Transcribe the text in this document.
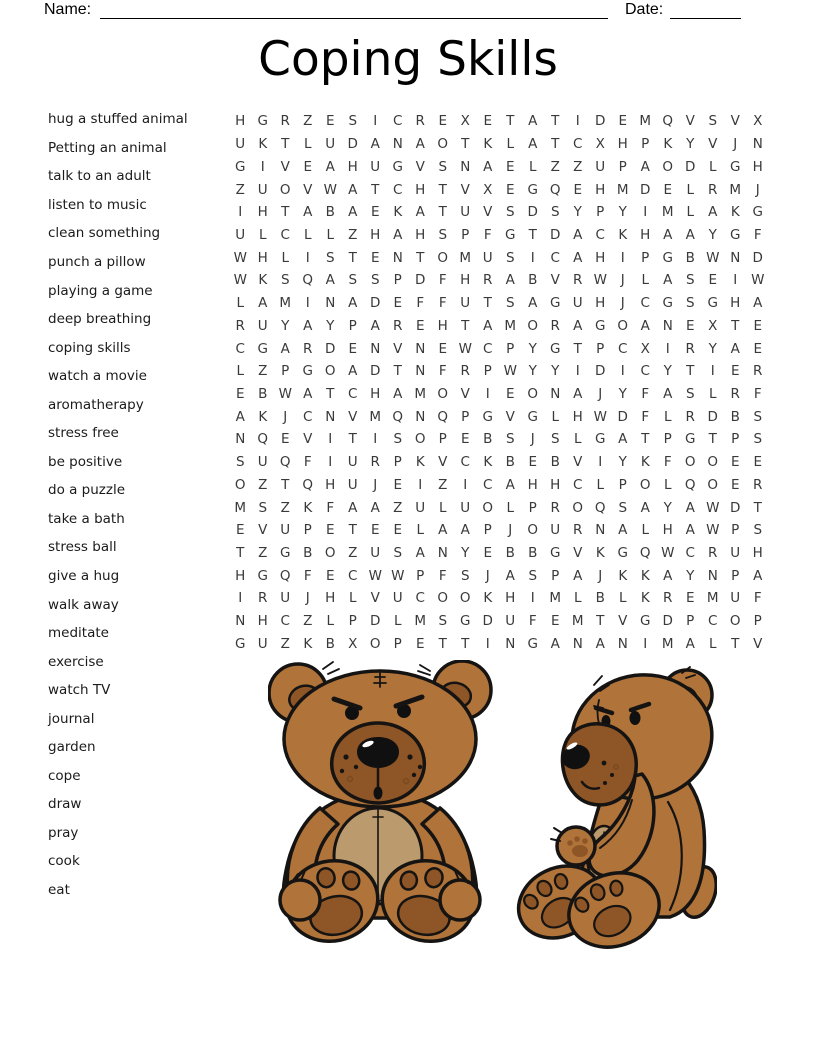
Name:	Date:
Coping Skills
hug a stuffed animal
Petting an animal
talk to an adult
listen to music
clean something
punch a pillow
playing a game
deep breathing
coping skills
watch a movie
aromatherapy
stress free
be positive
do a puzzle
take a bath
stress ball
give a hug
walk away
meditate
exercise
watch TV
journal
garden
cope
draw
pray
cook
eat
H G R Z	E	S	I	C R	E	X	E	T	A	T	I	D E M Q V	S	V X
U K	T	L	U D A N A O T	K	L	A	T	C X H P	K	Y	V	J	N
G	I	V	E	A H U G V	S N A	E	L	Z Z U P	A O D	L	G H
Z U O V W A	T	C H T	V X	E G Q E H M D E	L	R M	J
I	H T	A B A	E	K A	T U V	S D S	Y	P	Y	I	M L	A K G
U	L	C	L	L	Z H A H S	P	F G T D A C K H A A	Y G F
W H	L	I	S	T	E N T O M U S	I	C A H	I	P G B W N D
W K	S Q A	S	S	P D F	H R A B V R W	J	L	A	S	E	I	W
L	A M	I	N A D E	F	F	U T	S	A G U H	J	C G S G H A
R U Y	A	Y	P	A R	E H T	A M O R A G O A N E	X	T	E
C G A R D E N V N E W C	P	Y G T	P	C X	I	R	Y	A	E
L	Z	P G O A D T N	F	R	P W Y	Y	I	D	I	C	Y	T	I	E	R
E	B W A	T	C H A M O V	I	E O N A	J	Y	F	A	S	L	R	F
A K	J	C N V M Q N Q P G V G	L	H W D F	L	R D B	S
N Q E	V	I	T	I	S O P	E	B	S	J	S	L	G A	T	P G T	P	S
S U Q F	I	U R	P	K V C K B	E	B V	I	Y	K	F O O E	E
O Z	T Q H U	J	E	I	Z	I	C A H H C	L	P O L Q O E	R
M S	Z K	F	A A Z U	L	U O L	P	R O Q S	A	Y	A W D T
E	V U P	E	T	E	E	L	A A	P	J	O U R N A	L	H A W P	S
T	Z G B O Z U S	A N Y	E	B B G V K G Q W C R U H
H G Q F	E	C W W P	F	S	J	A	S	P	A	J	K	K A	Y N P	A
I	R U	J	H	L	V U C O O K H	I	M L	B	L	K R	E M U	F
N H C Z	L	P D	L M S G D U	F	E M T	V G D P	C O P
G U Z K B X O P	E	T	T	I	N G A N A N	I	M A	L	T	V
